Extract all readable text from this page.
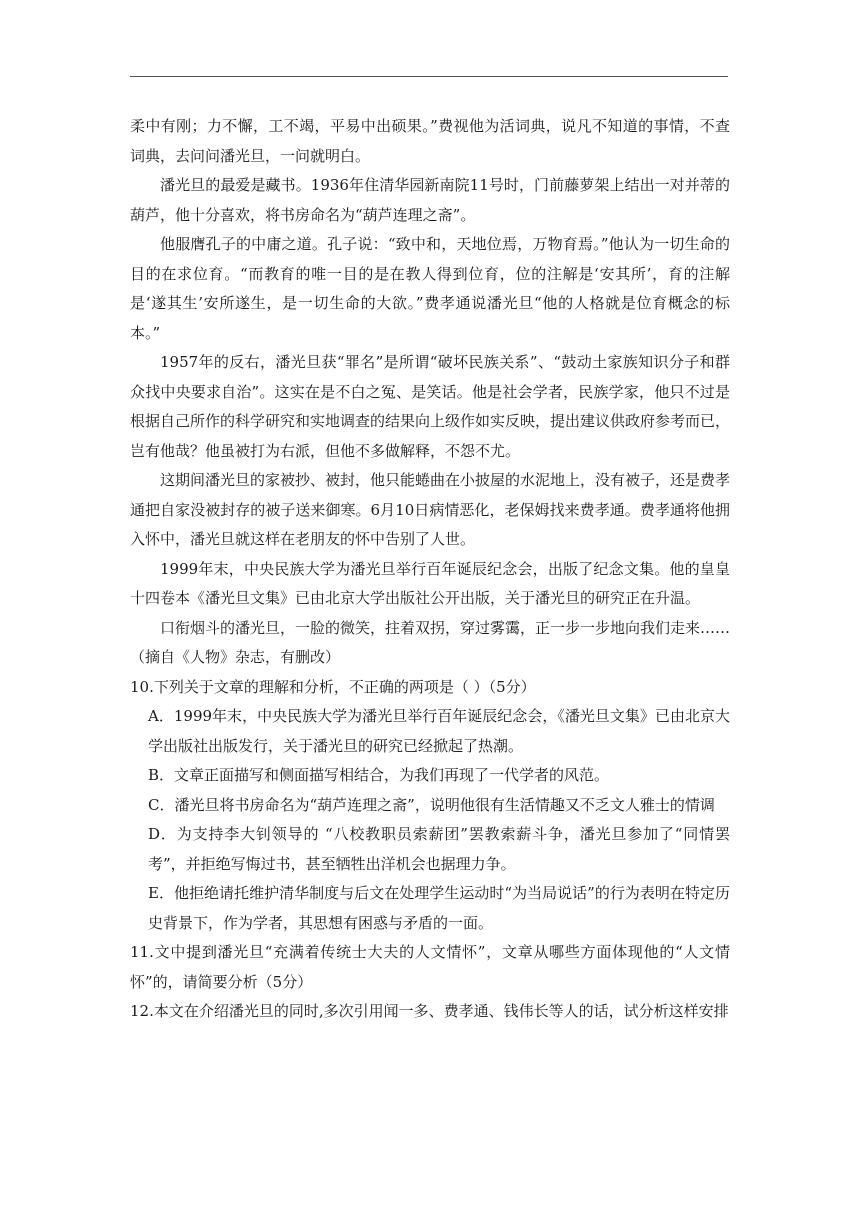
柔中有刚；力不懈，工不竭，平易中出硕果。”费视他为活词典，说凡不知道的事情，不查词典，去问问潘光旦，一问就明白。

潘光旦的最爱是藏书。1936年住清华园新南院11号时，门前藤萝架上结出一对并蒂的葫芦，他十分喜欢，将书房命名为“葫芦连理之斋”。

他服膺孔子的中庸之道。孔子说：“致中和，天地位焉，万物育焉。”他认为一切生命的目的在求位育。“而教育的唯一目的是在教人得到位育，位的注解是‘安其所’，育的注解是‘遂其生’安所遂生，是一切生命的大欲。”费孝通说潘光旦“他的人格就是位育概念的标本。”

1957年的反右，潘光旦获“罪名”是所谓“破坏民族关系”、“鼓动土家族知识分子和群众找中央要求自治”。这实在是不白之冤、是笑话。他是社会学者，民族学家，他只不过是根据自己所作的科学研究和实地调查的结果向上级作如实反映，提出建议供政府参考而已，岂有他哉？他虽被打为右派，但他不多做解释，不怨不尤。

这期间潘光旦的家被抄、被封，他只能蜷曲在小披屋的水泥地上，没有被子，还是费孝通把自家没被封存的被子送来御寒。6月10日病情恶化，老保姆找来费孝通。费孝通将他拥入怀中，潘光旦就这样在老朋友的怀中告别了人世。

1999年末，中央民族大学为潘光旦举行百年诞辰纪念会，出版了纪念文集。他的皇皇十四卷本《潘光旦文集》已由北京大学出版社公开出版，关于潘光旦的研究正在升温。

口衔烟斗的潘光旦，一脸的微笑，拄着双拐，穿过雾霭，正一步一步地向我们走来……

（摘自《人物》杂志，有删改）

10.下列关于文章的理解和分析，不正确的两项是（ ）（5分）

A．1999年末，中央民族大学为潘光旦举行百年诞辰纪念会，《潘光旦文集》已由北京大学出版社出版发行，关于潘光旦的研究已经掀起了热潮。

B．文章正面描写和侧面描写相结合，为我们再现了一代学者的风范。

C．潘光旦将书房命名为“葫芦连理之斋”，说明他很有生活情趣又不乏文人雅士的情调

D．为支持李大钊领导的 “八校教职员索薪团”罢教索薪斗争，潘光旦参加了“同情罢考”，并拒绝写悔过书，甚至牺牲出洋机会也据理力争。

E．他拒绝请托维护清华制度与后文在处理学生运动时“为当局说话”的行为表明在特定历史背景下，作为学者，其思想有困惑与矛盾的一面。

11.文中提到潘光旦“充满着传统士大夫的人文情怀”，文章从哪些方面体现他的“人文情怀”的，请简要分析（5分）

12.本文在介绍潘光旦的同时,多次引用闻一多、费孝通、钱伟长等人的话，试分析这样安排
